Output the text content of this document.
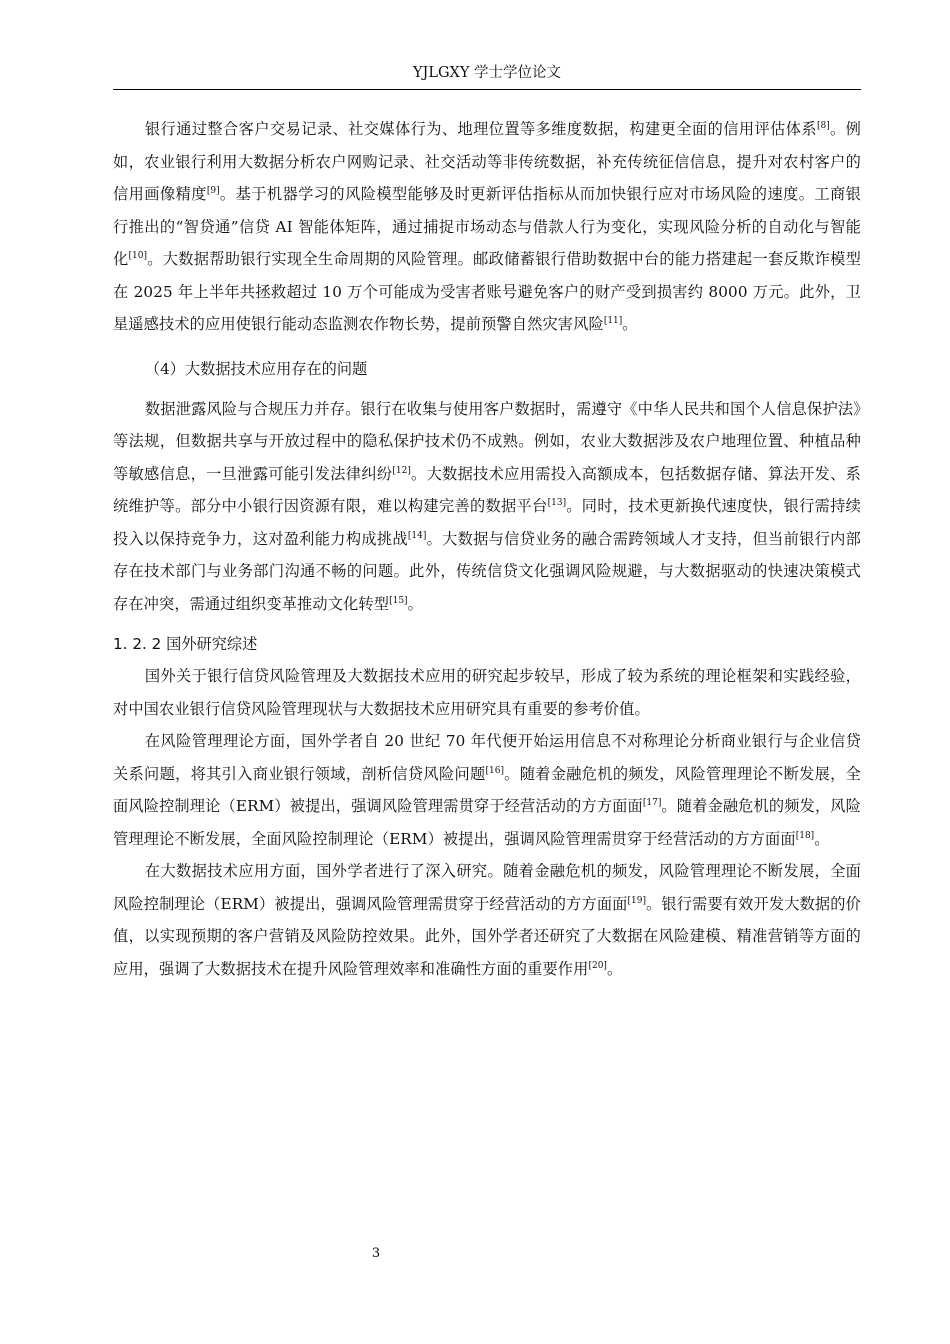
YJLGXY 学士学位论文

银行通过整合客户交易记录、社交媒体行为、地理位置等多维度数据，构建更全面的信用评估体系[8]。例如，农业银行利用大数据分析农户网购记录、社交活动等非传统数据，补充传统征信信息，提升对农村客户的信用画像精度[9]。基于机器学习的风险模型能够及时更新评估指标从而加快银行应对市场风险的速度。工商银行推出的“智贷通”信贷 AI 智能体矩阵，通过捕捉市场动态与借款人行为变化，实现风险分析的自动化与智能化[10]。大数据帮助银行实现全生命周期的风险管理。邮政储蓄银行借助数据中台的能力搭建起一套反欺诈模型在 2025 年上半年共拯救超过 10 万个可能成为受害者账号避免客户的财产受到损害约 8000 万元。此外，卫星遥感技术的应用使银行能动态监测农作物长势，提前预警自然灾害风险[11]。

（4）大数据技术应用存在的问题

数据泄露风险与合规压力并存。银行在收集与使用客户数据时，需遵守《中华人民共和国个人信息保护法》等法规，但数据共享与开放过程中的隐私保护技术仍不成熟。例如，农业大数据涉及农户地理位置、种植品种等敏感信息，一旦泄露可能引发法律纠纷[12]。大数据技术应用需投入高额成本，包括数据存储、算法开发、系统维护等。部分中小银行因资源有限，难以构建完善的数据平台[13]。同时，技术更新换代速度快，银行需持续投入以保持竞争力，这对盈利能力构成挑战[14]。大数据与信贷业务的融合需跨领域人才支持，但当前银行内部存在技术部门与业务部门沟通不畅的问题。此外，传统信贷文化强调风险规避，与大数据驱动的快速决策模式存在冲突，需通过组织变革推动文化转型[15]。

1. 2. 2 国外研究综述

国外关于银行信贷风险管理及大数据技术应用的研究起步较早，形成了较为系统的理论框架和实践经验，对中国农业银行信贷风险管理现状与大数据技术应用研究具有重要的参考价值。

在风险管理理论方面，国外学者自 20 世纪 70 年代便开始运用信息不对称理论分析商业银行与企业信贷关系问题，将其引入商业银行领域，剖析信贷风险问题[16]。随着金融危机的频发，风险管理理论不断发展，全面风险控制理论（ERM）被提出，强调风险管理需贯穿于经营活动的方方面面[17]。随着金融危机的频发，风险管理理论不断发展，全面风险控制理论（ERM）被提出，强调风险管理需贯穿于经营活动的方方面面[18]。

在大数据技术应用方面，国外学者进行了深入研究。随着金融危机的频发，风险管理理论不断发展，全面风险控制理论（ERM）被提出，强调风险管理需贯穿于经营活动的方方面面[19]。银行需要有效开发大数据的价值，以实现预期的客户营销及风险防控效果。此外，国外学者还研究了大数据在风险建模、精准营销等方面的应用，强调了大数据技术在提升风险管理效率和准确性方面的重要作用[20]。

3
